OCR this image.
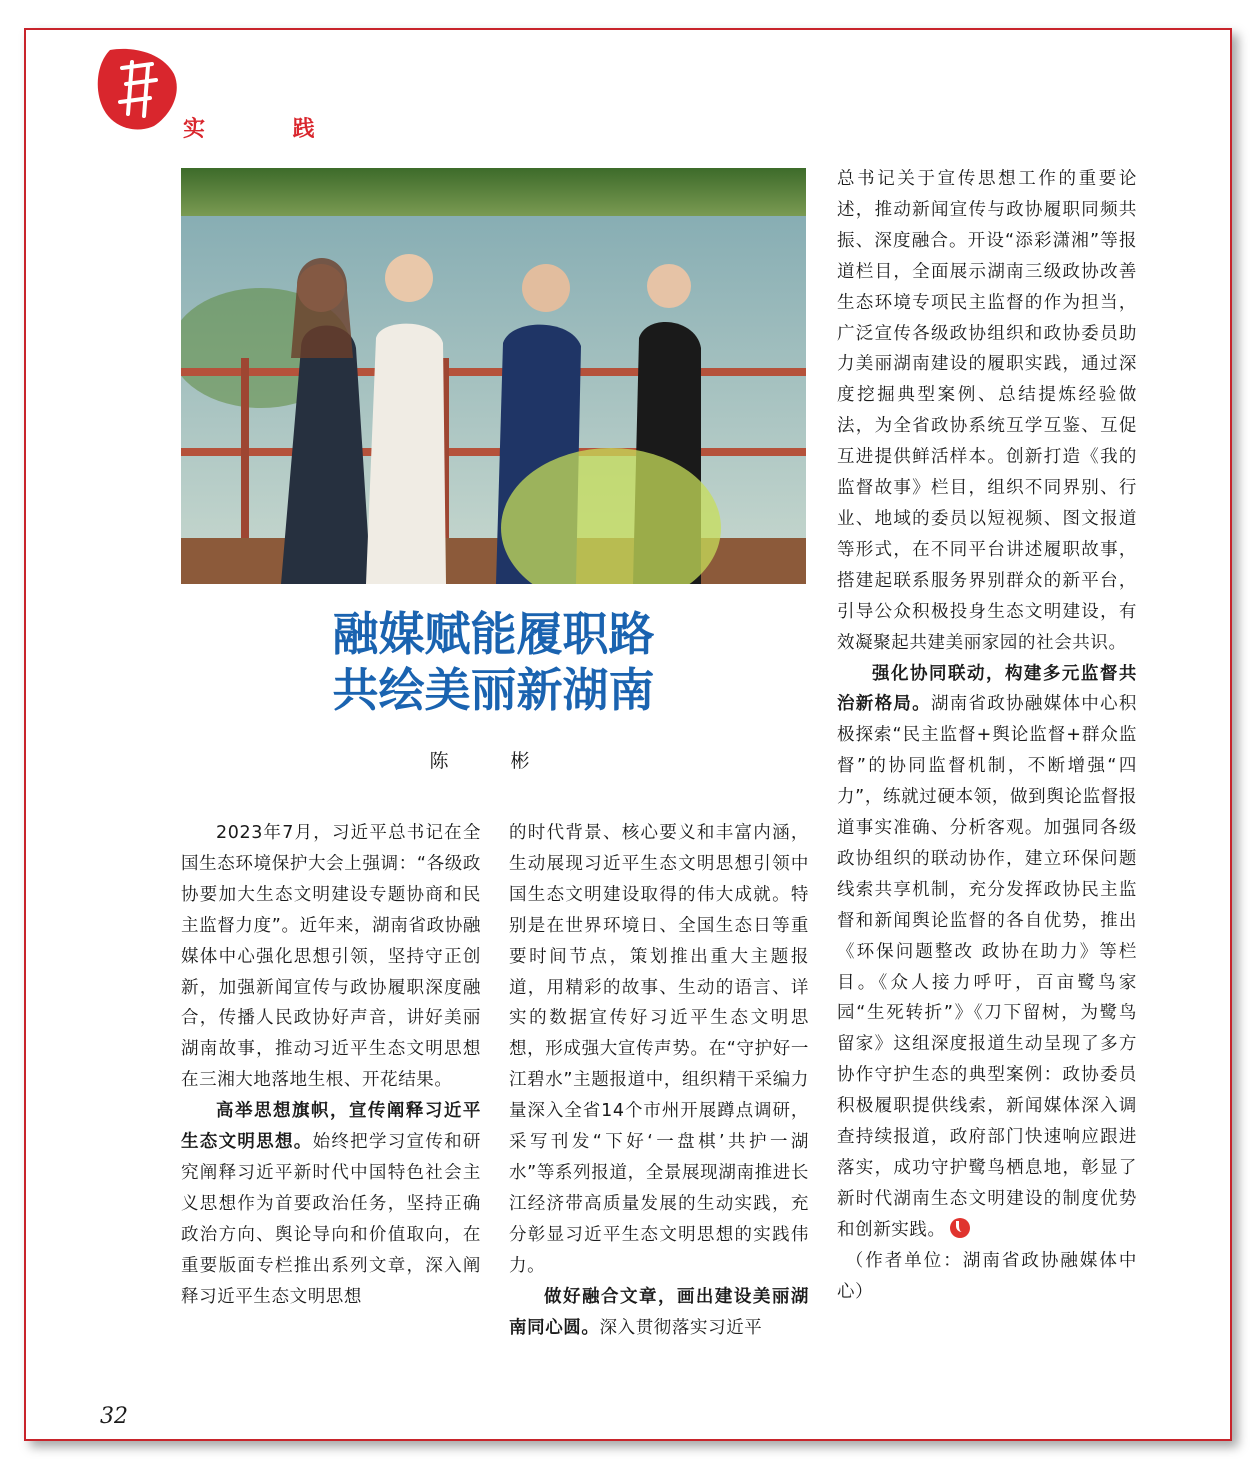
实 践
融媒赋能履职路
共绘美丽新湖南
陈 彬

2023年7月，习近平总书记在全国生态环境保护大会上强调：“各级政协要加大生态文明建设专题协商和民主监督力度”。近年来，湖南省政协融媒体中心强化思想引领，坚持守正创新，加强新闻宣传与政协履职深度融合，传播人民政协好声音，讲好美丽湖南故事，推动习近平生态文明思想在三湘大地落地生根、开花结果。

高举思想旗帜，宣传阐释习近平生态文明思想。始终把学习宣传和研究阐释习近平新时代中国特色社会主义思想作为首要政治任务，坚持正确政治方向、舆论导向和价值取向，在重要版面专栏推出系列文章，深入阐释习近平生态文明思想

的时代背景、核心要义和丰富内涵，生动展现习近平生态文明思想引领中国生态文明建设取得的伟大成就。特别是在世界环境日、全国生态日等重要时间节点，策划推出重大主题报道，用精彩的故事、生动的语言、详实的数据宣传好习近平生态文明思想，形成强大宣传声势。在“守护好一江碧水”主题报道中，组织精干采编力量深入全省14个市州开展蹲点调研，采写刊发“下好‘一盘棋’共护一湖水”等系列报道，全景展现湖南推进长江经济带高质量发展的生动实践，充分彰显习近平生态文明思想的实践伟力。

做好融合文章，画出建设美丽湖南同心圆。深入贯彻落实习近平

总书记关于宣传思想工作的重要论述，推动新闻宣传与政协履职同频共振、深度融合。开设“添彩潇湘”等报道栏目，全面展示湖南三级政协改善生态环境专项民主监督的作为担当，广泛宣传各级政协组织和政协委员助力美丽湖南建设的履职实践，通过深度挖掘典型案例、总结提炼经验做法，为全省政协系统互学互鉴、互促互进提供鲜活样本。创新打造《我的监督故事》栏目，组织不同界别、行业、地域的委员以短视频、图文报道等形式，在不同平台讲述履职故事，搭建起联系服务界别群众的新平台，引导公众积极投身生态文明建设，有效凝聚起共建美丽家园的社会共识。

强化协同联动，构建多元监督共治新格局。湖南省政协融媒体中心积极探索“民主监督+舆论监督+群众监督”的协同监督机制，不断增强“四力”，练就过硬本领，做到舆论监督报道事实准确、分析客观。加强同各级政协组织的联动协作，建立环保问题线索共享机制，充分发挥政协民主监督和新闻舆论监督的各自优势，推出《环保问题整改 政协在助力》等栏目。《众人接力呼吁，百亩鹭鸟家园“生死转折”》《刀下留树，为鹭鸟留家》这组深度报道生动呈现了多方协作守护生态的典型案例：政协委员积极履职提供线索，新闻媒体深入调查持续报道，政府部门快速响应跟进落实，成功守护鹭鸟栖息地，彰显了新时代湖南生态文明建设的制度优势和创新实践。

（作者单位：湖南省政协融媒体中心）

32
